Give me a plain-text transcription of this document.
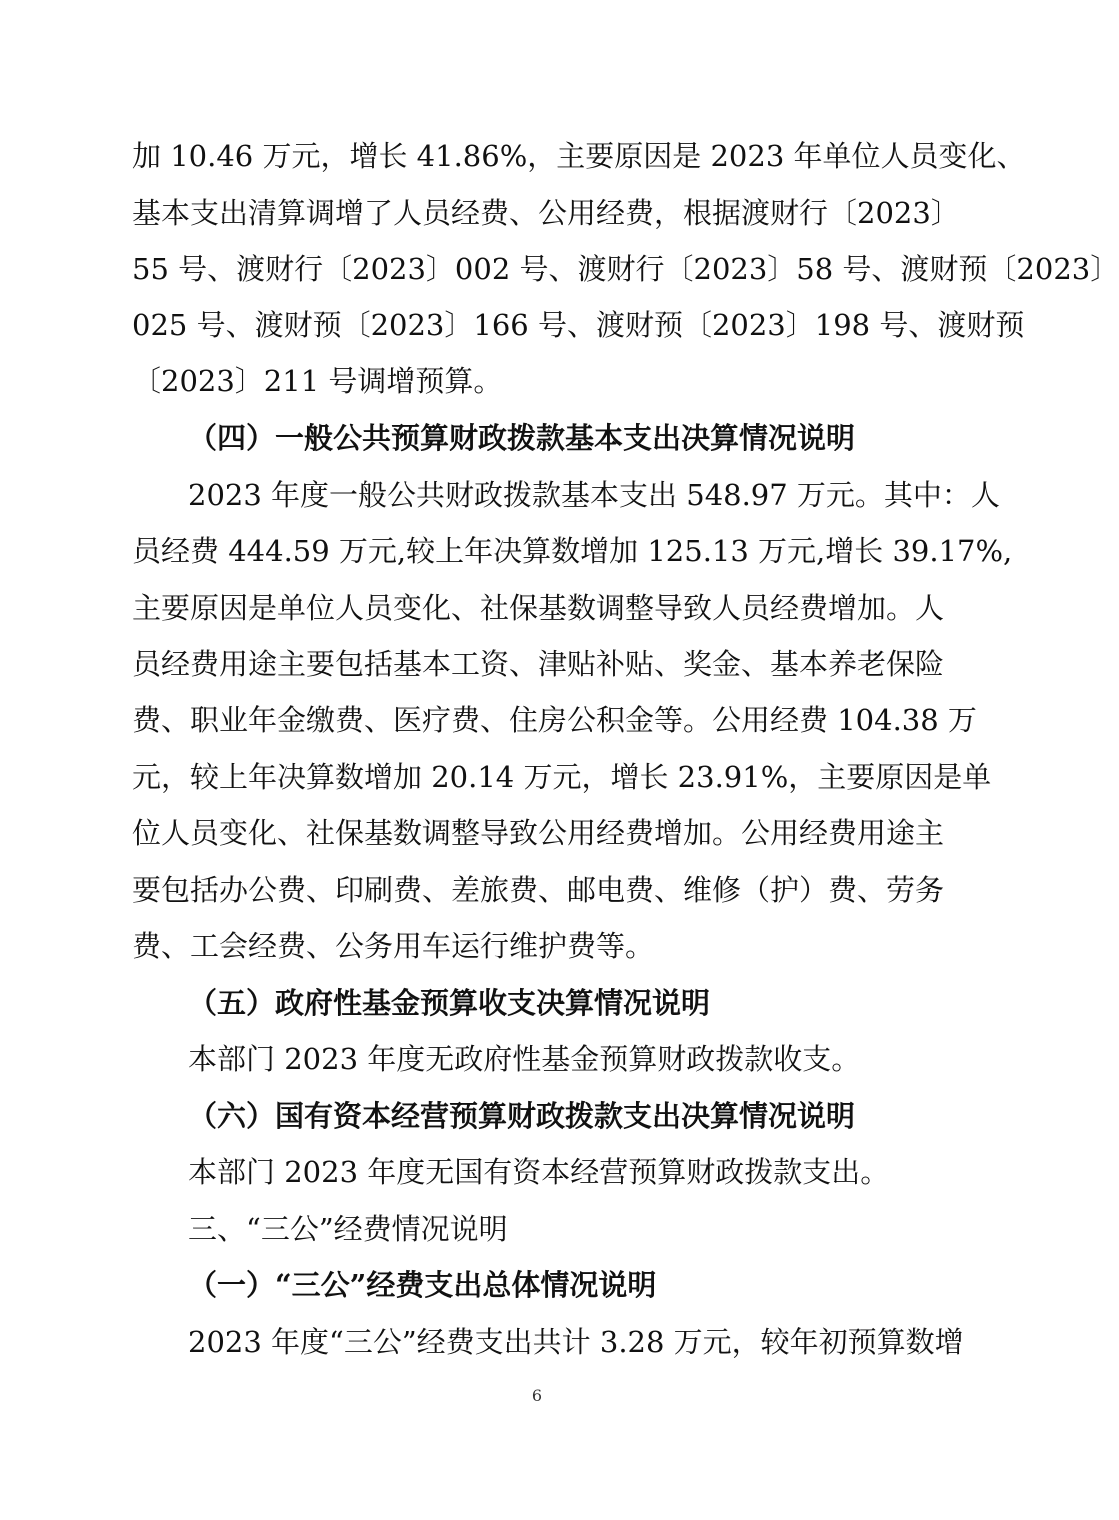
加 10.46 万元，增长 41.86%，主要原因是 2023 年单位人员变化、
基本支出清算调增了人员经费、公用经费，根据渡财行〔2023〕
55 号、渡财行〔2023〕002 号、渡财行〔2023〕58 号、渡财预〔2023〕
025 号、渡财预〔2023〕166 号、渡财预〔2023〕198 号、渡财预
〔2023〕211 号调增预算。
（四）一般公共预算财政拨款基本支出决算情况说明
2023 年度一般公共财政拨款基本支出 548.97 万元。其中：人
员经费 444.59 万元,较上年决算数增加 125.13 万元,增长 39.17%,
主要原因是单位人员变化、社保基数调整导致人员经费增加。人
员经费用途主要包括基本工资、津贴补贴、奖金、基本养老保险
费、职业年金缴费、医疗费、住房公积金等。公用经费 104.38 万
元，较上年决算数增加 20.14 万元，增长 23.91%，主要原因是单
位人员变化、社保基数调整导致公用经费增加。公用经费用途主
要包括办公费、印刷费、差旅费、邮电费、维修（护）费、劳务
费、工会经费、公务用车运行维护费等。
（五）政府性基金预算收支决算情况说明
本部门 2023 年度无政府性基金预算财政拨款收支。
（六）国有资本经营预算财政拨款支出决算情况说明
本部门 2023 年度无国有资本经营预算财政拨款支出。
三、“三公”经费情况说明
（一）“三公”经费支出总体情况说明
2023 年度“三公”经费支出共计 3.28 万元，较年初预算数增
6
